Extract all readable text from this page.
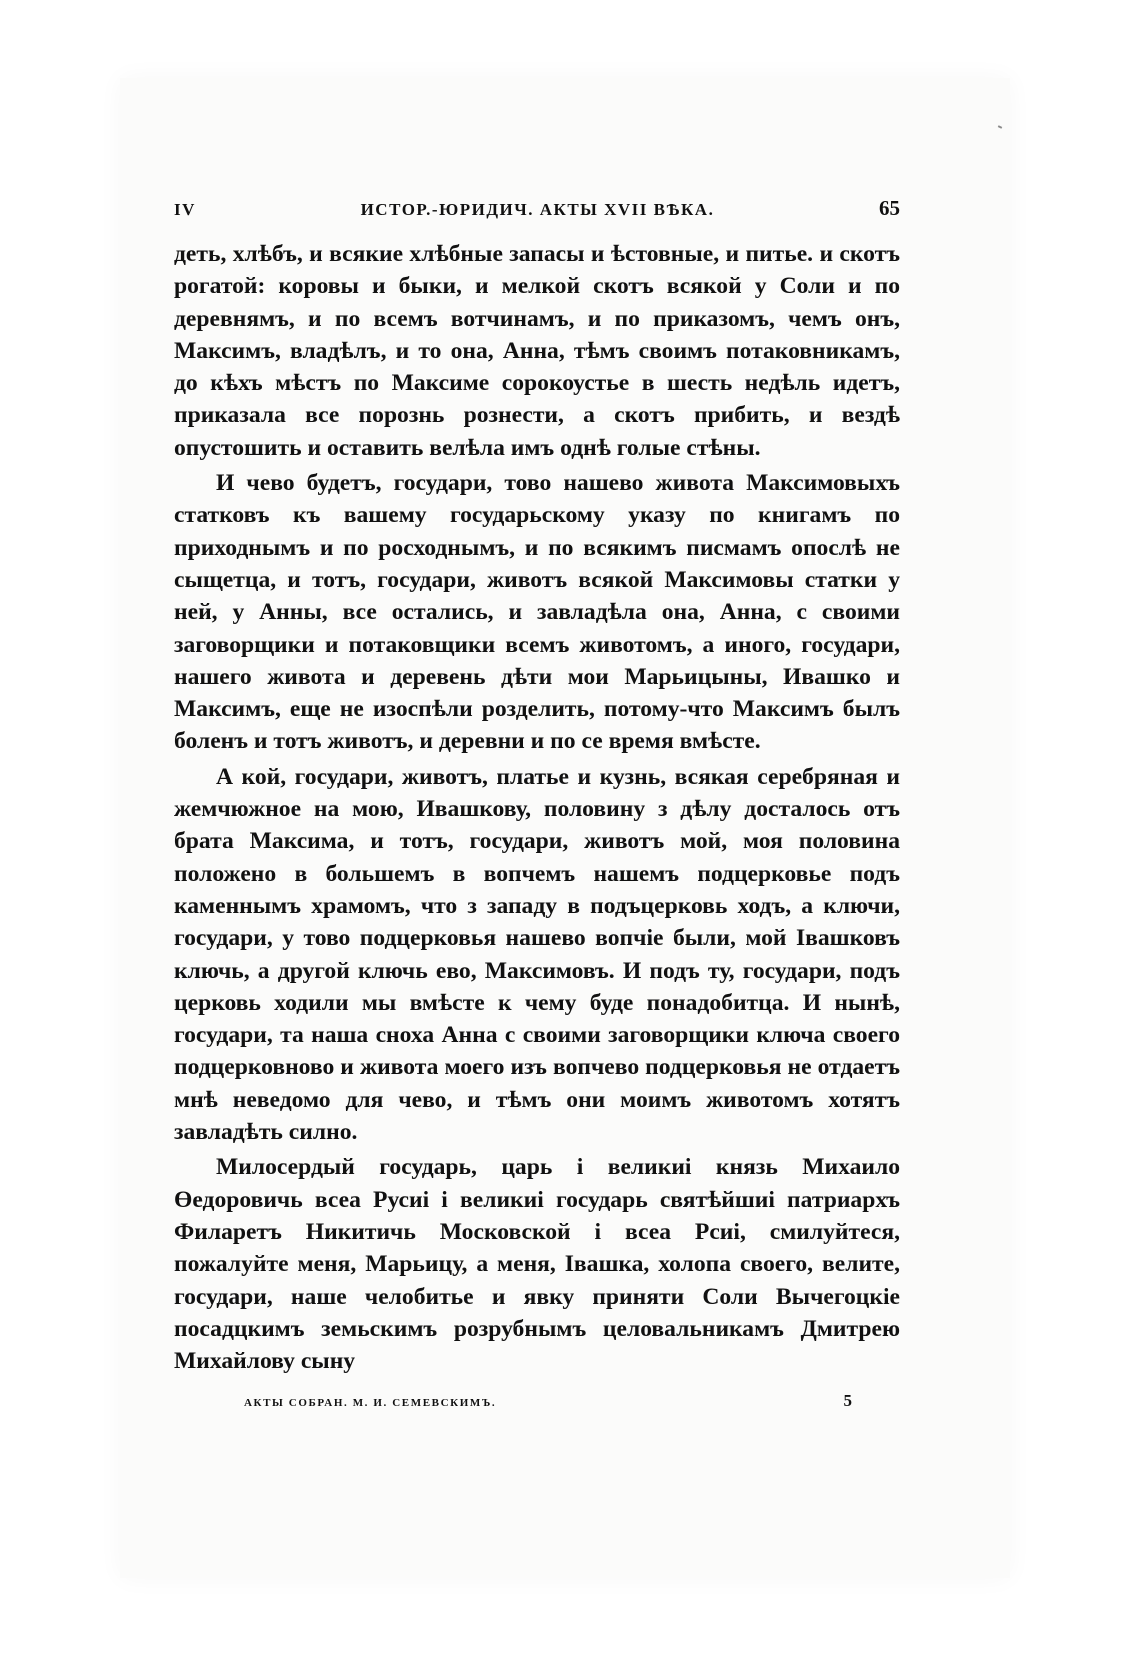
IV	ИСТОР.-ЮРИДИЧ. АКТЫ XVII ВѢКА.	65

деть, хлѣбъ, и всякие хлѣбные запасы и ѣстовные, и питье. и скотъ рогатой: коровы и быки, и мелкой скотъ всякой у Соли и по деревнямъ, и по всемъ вотчинамъ, и по приказомъ, чемъ онъ, Максимъ, владѣлъ, и то она, Анна, тѣмъ своимъ потаковникамъ, до кѣхъ мѣстъ по Максиме сорокоустье в шесть недѣль идетъ, приказала все порознь рознести, а скотъ прибить, и вездѣ опустошить и оставить велѣла имъ однѣ голые стѣны.

И чево будетъ, государи, тово нашево живота Максимовыхъ статковъ къ вашему государьскому указу по книгамъ по приходнымъ и по росходнымъ, и по всякимъ писмамъ опослѣ не сыщетца, и тотъ, государи, животъ всякой Максимовы статки у ней, у Анны, все остались, и завладѣла она, Анна, с своими заговорщики и потаковщики всемъ животомъ, а иного, государи, нашего живота и деревень дѣти мои Марьицыны, Ивашко и Максимъ, еще не изоспѣли розделить, потому-что Максимъ былъ боленъ и тотъ животъ, и деревни и по се время вмѣсте.

А кой, государи, животъ, платье и кузнь, всякая серебряная и жемчюжное на мою, Ивашкову, половину з дѣлу досталось отъ брата Максима, и тотъ, государи, животъ мой, моя половина положено в большемъ в вопчемъ нашемъ подцерковье подъ каменнымъ храмомъ, что з западу в подъцерковь ходъ, а ключи, государи, у тово подцерковья нашево вопчіе были, мой Івашковъ ключь, а другой ключь ево, Максимовъ. И подъ ту, государи, подъ церковь ходили мы вмѣсте к чему буде понадобитца. И нынѣ, государи, та наша сноха Анна с своими заговорщики ключа своего подцерковново и живота моего изъ вопчево подцерковья не отдаетъ мнѣ неведомо для чево, и тѣмъ они моимъ животомъ хотятъ завладѣть силно.

Милосердый государь, царь і великиі князь Михаило Өедоровичь всеа Русиі і великиі государь святѣйшиі патриархъ Филаретъ Никитичь Московской і всеа Рсиі, смилуйтеся, пожалуйте меня, Марьицу, а меня, Івашка, холопа своего, велите, государи, наше челобитье и явку приняти Соли Вычегоцкіе посадцкимъ земьскимъ розрубнымъ целовальникамъ Дмитрею Михайлову сыну

АКТЫ СОБРАН. М. И. СЕМЕВСКИМЪ.	5
